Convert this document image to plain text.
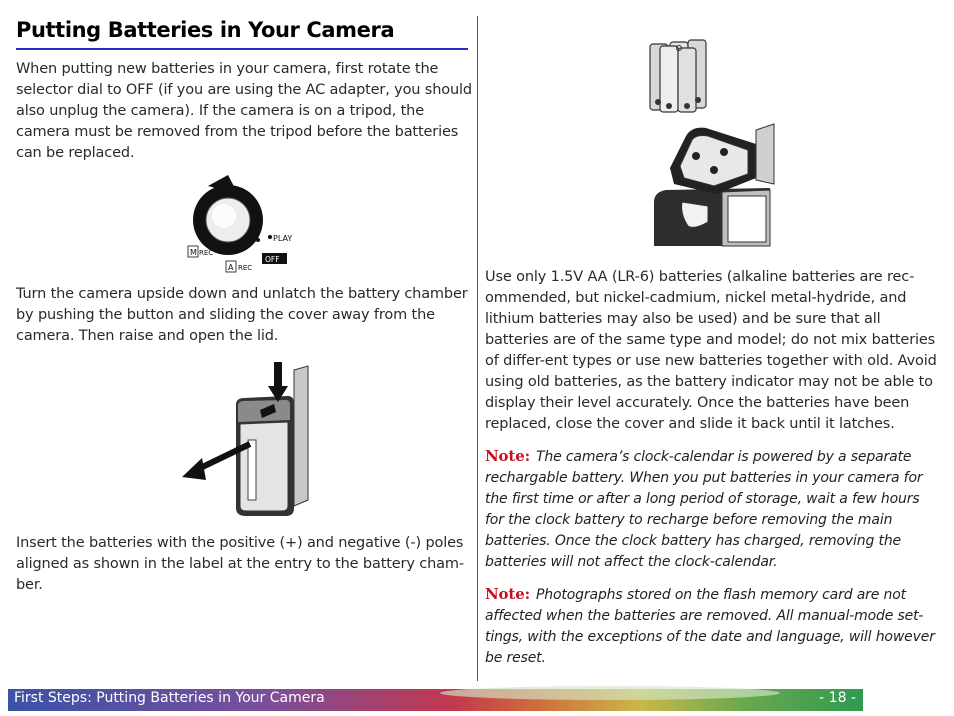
Putting Batteries in Your Camera

When putting new batteries in your camera, first rotate the selector dial to OFF (if you are using the AC adapter, you should also unplug the camera). If the camera is on a tripod, the camera must be removed from the tripod before the batteries can be replaced.

M REC
A REC
PLAY
OFF

Turn the camera upside down and unlatch the battery chamber by pushing the button and sliding the cover away from the camera. Then raise and open the lid.

Insert the batteries with the positive (+) and negative (-) poles aligned as shown in the label at the entry to the battery cham-ber.

Use only 1.5V AA (LR-6) batteries (alkaline batteries are rec-ommended, but nickel-cadmium, nickel metal-hydride, and lithium batteries may also be used) and be sure that all batteries are of the same type and model; do not mix batteries of differ-ent types or use new batteries together with old. Avoid using old batteries, as the battery indicator may not be able to display their level accurately. Once the batteries have been replaced, close the cover and slide it back until it latches.

Note: The camera’s clock-calendar is powered by a separate rechargable battery. When you put batteries in your camera for the first time or after a long period of storage, wait a few hours for the clock battery to recharge before removing the main batteries. Once the clock battery has charged, removing the batteries will not affect the clock-calendar.

Note: Photographs stored on the flash memory card are not affected when the batteries are removed. All manual-mode set-tings, with the exceptions of the date and language, will however be reset.

First Steps: Putting Batteries in Your Camera	- 18 -
